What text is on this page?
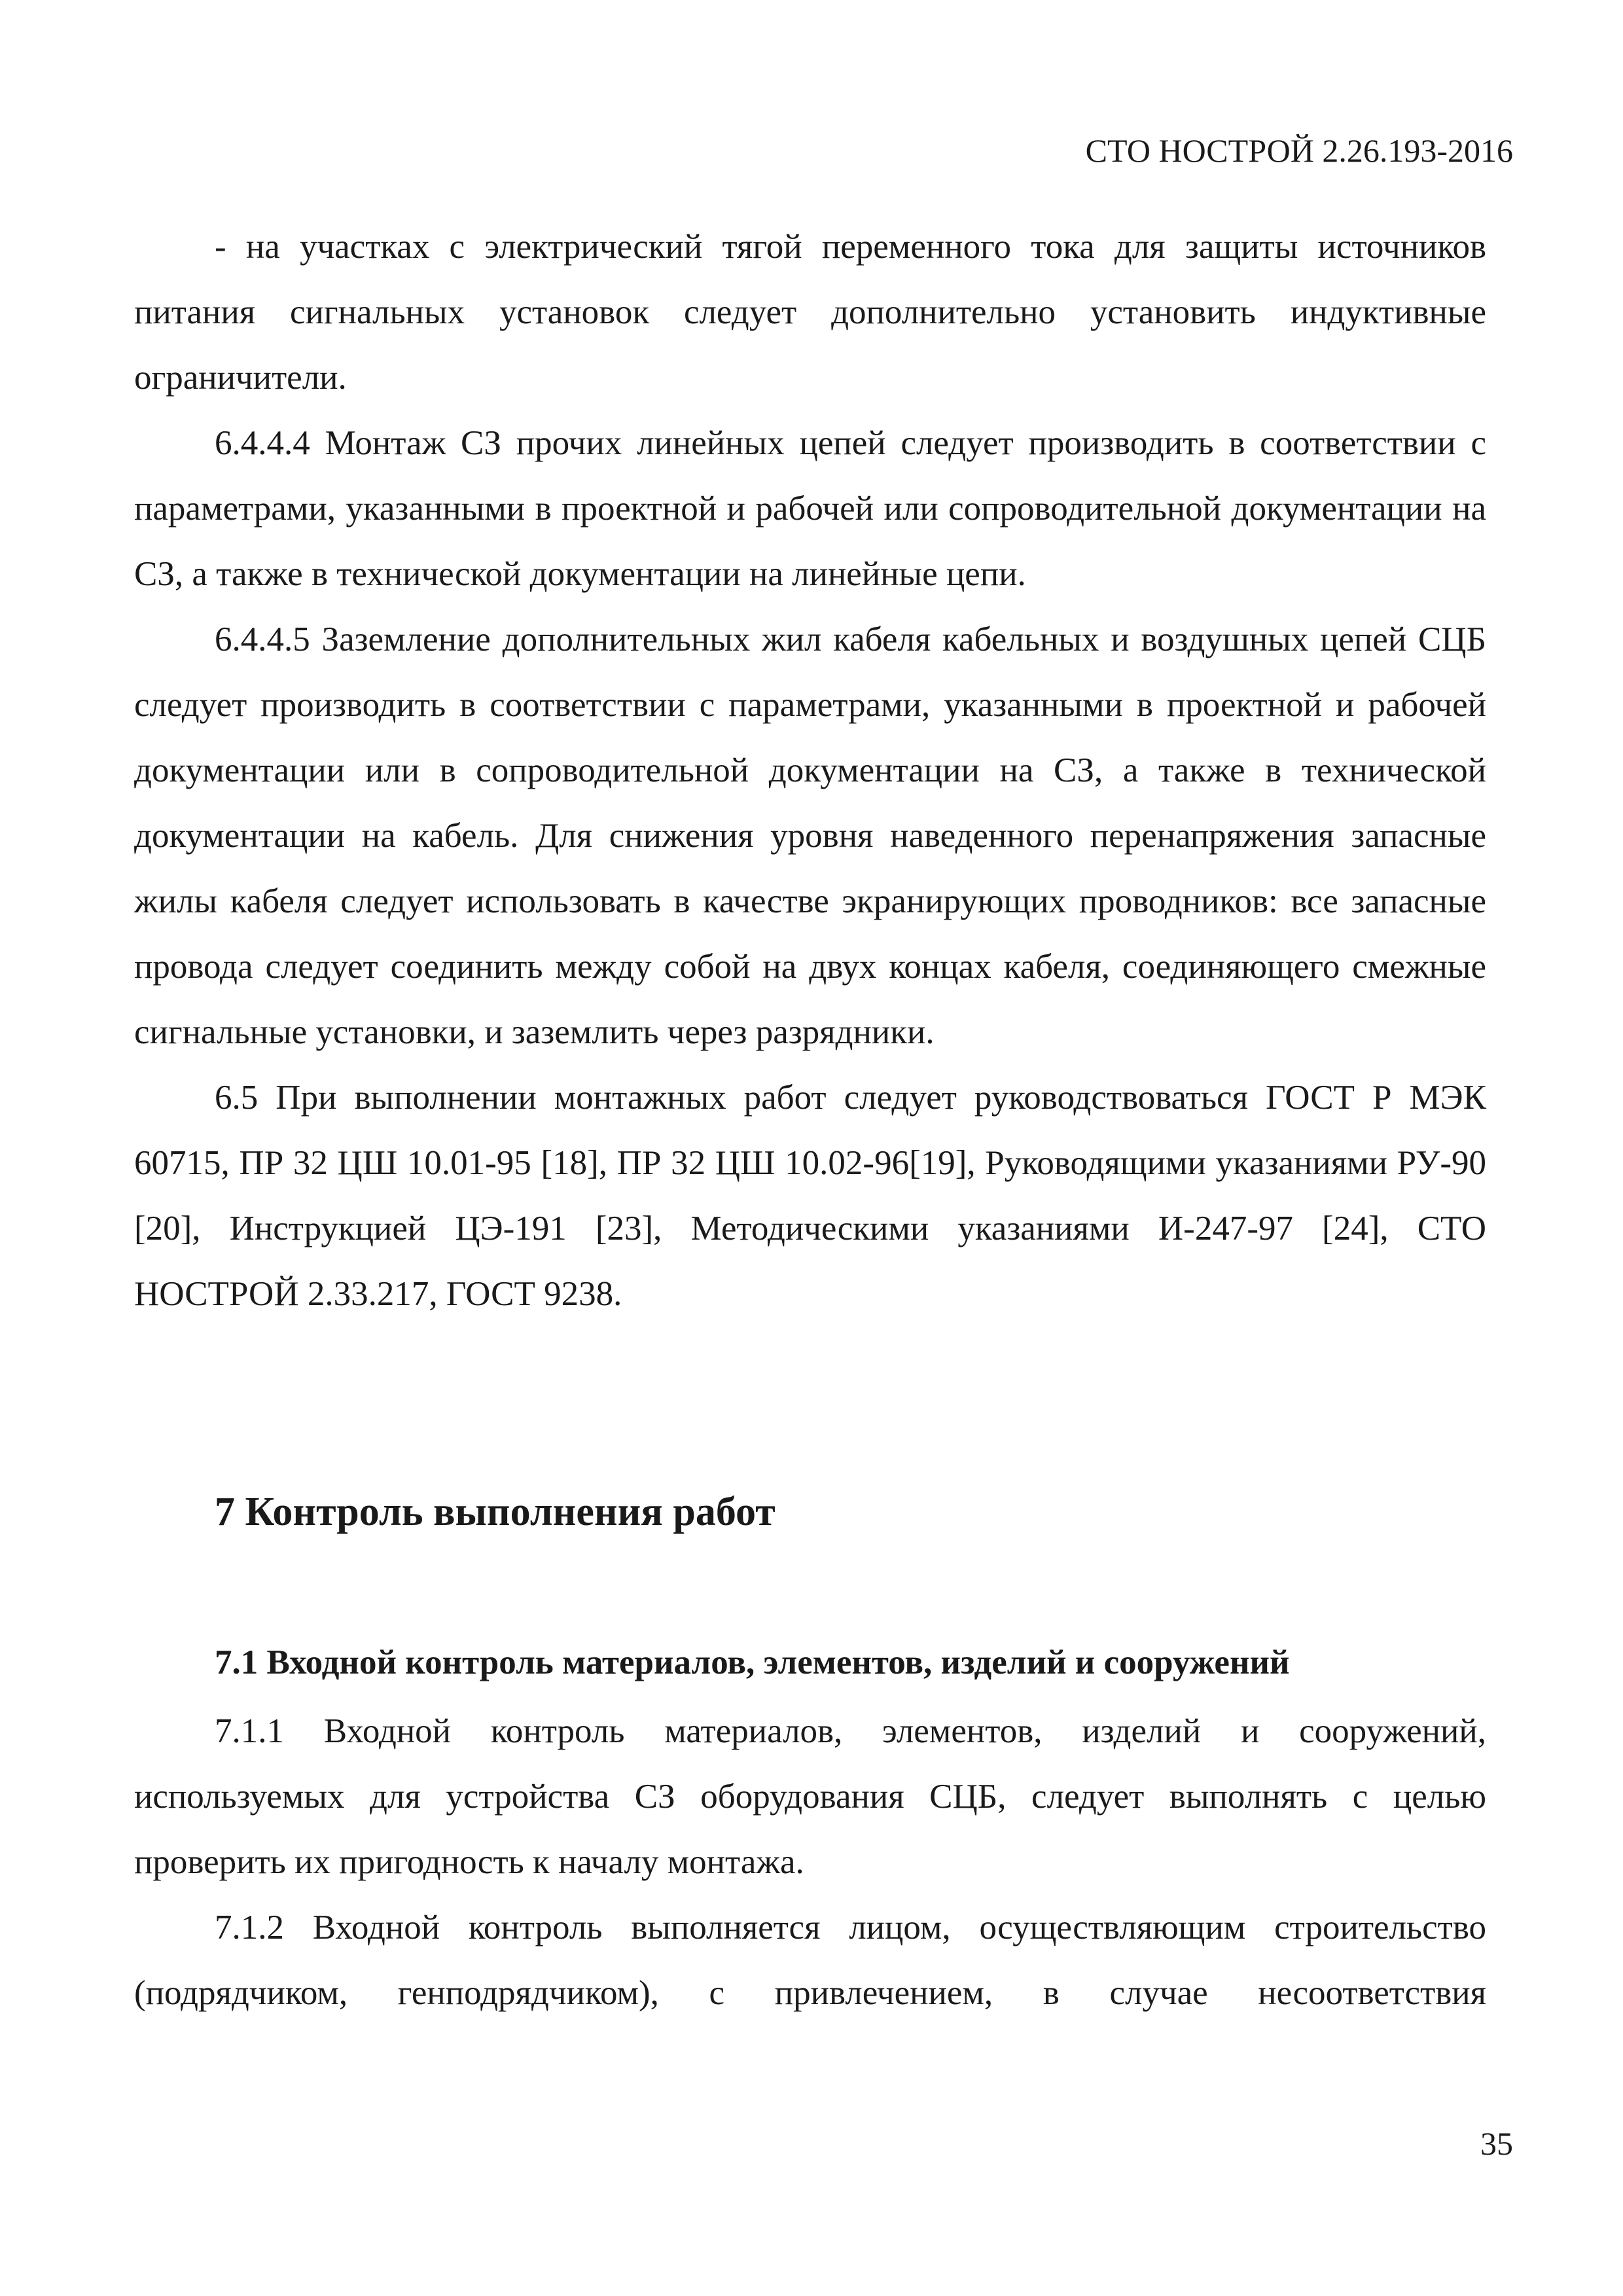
СТО НОСТРОЙ 2.26.193-2016

- на участках с электрический тягой переменного тока для защиты источников питания сигнальных установок следует дополнительно установить индуктивные ограничители.

6.4.4.4 Монтаж СЗ прочих линейных цепей следует производить в соответствии с параметрами, указанными в проектной и рабочей или сопроводительной документации на СЗ, а также в технической документации на линейные цепи.

6.4.4.5 Заземление дополнительных жил кабеля кабельных и воздушных цепей СЦБ следует производить в соответствии с параметрами, указанными в проектной и рабочей документации или в сопроводительной документации на СЗ, а также в технической документации на кабель. Для снижения уровня наведенного перенапряжения запасные жилы кабеля следует использовать в качестве экранирующих проводников: все запасные провода следует соединить между собой на двух концах кабеля, соединяющего смежные сигнальные установки, и заземлить через разрядники.

6.5 При выполнении монтажных работ следует руководствоваться ГОСТ Р МЭК 60715, ПР 32 ЦШ 10.01-95 [18], ПР 32 ЦШ 10.02-96[19], Руководящими указаниями РУ-90 [20], Инструкцией ЦЭ-191 [23], Методическими указаниями И-247-97 [24], СТО НОСТРОЙ 2.33.217, ГОСТ 9238.

7 Контроль выполнения работ
7.1 Входной контроль материалов, элементов, изделий и сооружений

7.1.1 Входной контроль материалов, элементов, изделий и сооружений, используемых для устройства СЗ оборудования СЦБ, следует выполнять с целью проверить их пригодность к началу монтажа.

7.1.2 Входной контроль выполняется лицом, осуществляющим строительство (подрядчиком, генподрядчиком), с привлечением, в случае несоответствия

35
